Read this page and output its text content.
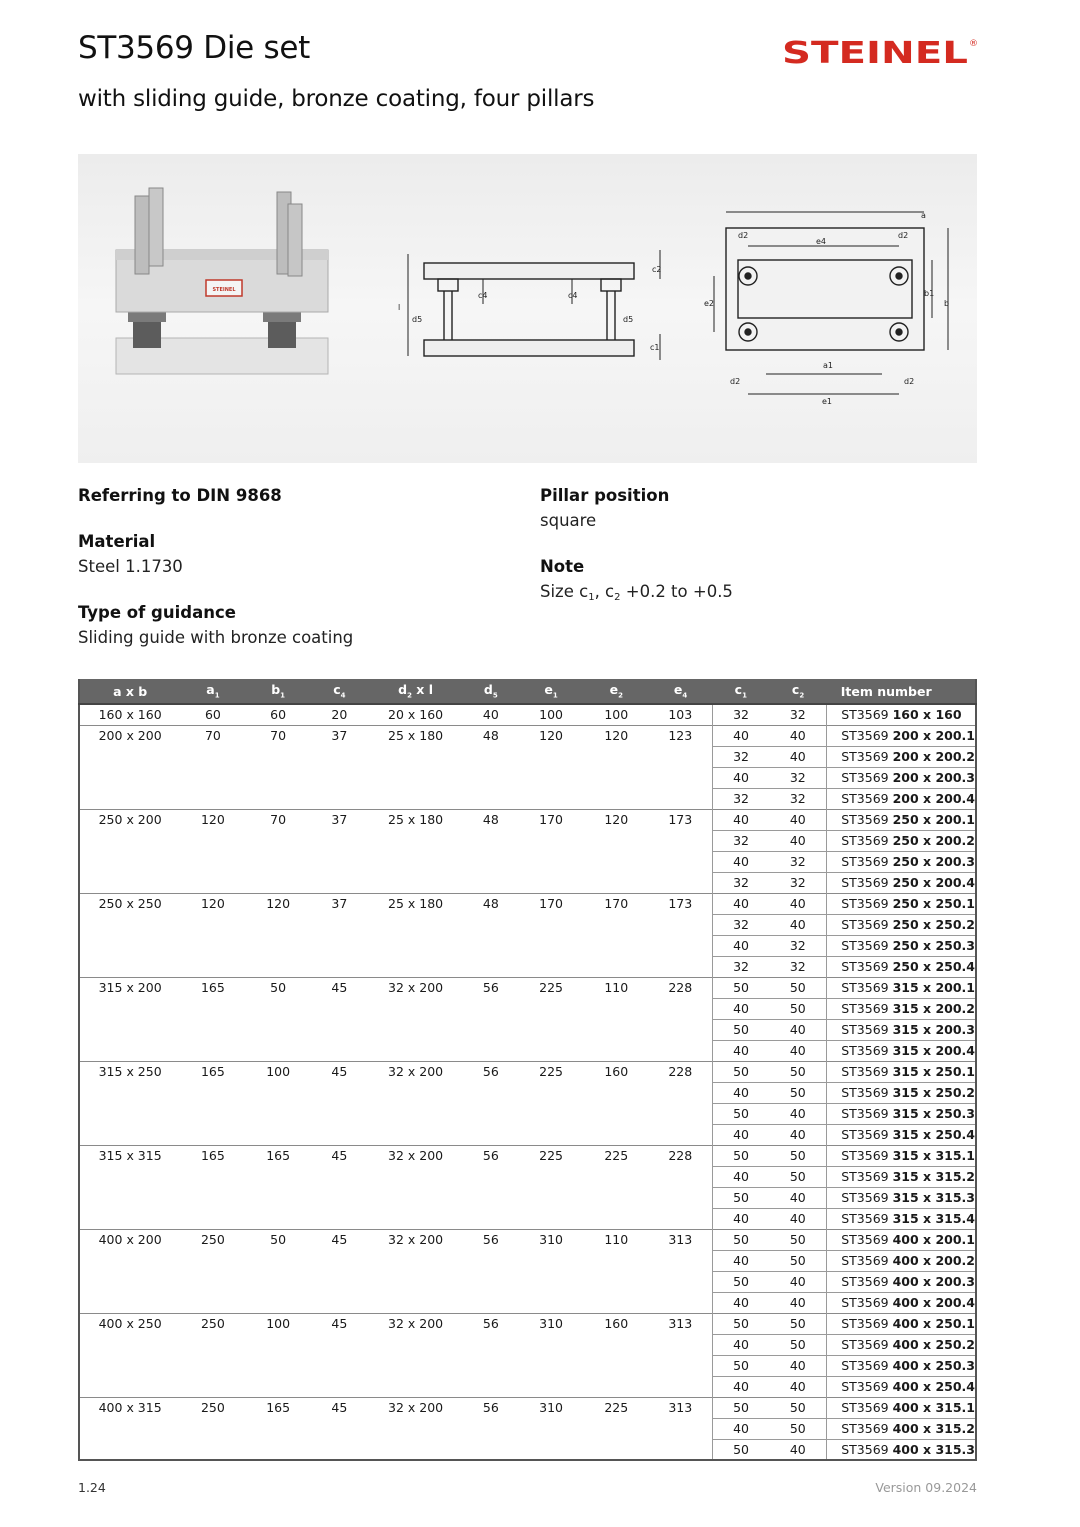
ST3569 Die set
with sliding guide, bronze coating, four pillars
STEINEL ®
STEINEL
a
d2	d2
e4
e2
b1
b
a1
d2	d2
e1
l
d5
c4	c4
c2
d5
c1
Referring to DIN 9868
Material
Steel 1.1730
Type of guidance
Sliding guide with bronze coating
Pillar position
square
Note
Size $c_1$, $c_2 +0.2$ to +0.5
a x b	$a_1$	$b_1$	$c_4$	$d_2$ x l	$d_5$	$e_1$	$e_2$	$e_4$	$c_1$	$c_2$	Item number
160 x 160	60	60	20	20 x 160	40	100	100	103	32	32	ST3569 160 x 160
200 x 200	70	70	37	25 x 180	48	120	120	123	40	40	ST3569 200 x 200.1
									32	40	ST3569 200 x 200.2
									40	32	ST3569 200 x 200.3
									32	32	ST3569 200 x 200.4
250 x 200	120	70	37	25 x 180	48	170	120	173	40	40	ST3569 250 x 200.1
									32	40	ST3569 250 x 200.2
									40	32	ST3569 250 x 200.3
									32	32	ST3569 250 x 200.4
250 x 250	120	120	37	25 x 180	48	170	170	173	40	40	ST3569 250 x 250.1
									32	40	ST3569 250 x 250.2
									40	32	ST3569 250 x 250.3
									32	32	ST3569 250 x 250.4
315 x 200	165	50	45	32 x 200	56	225	110	228	50	50	ST3569 315 x 200.1
									40	50	ST3569 315 x 200.2
									50	40	ST3569 315 x 200.3
									40	40	ST3569 315 x 200.4
315 x 250	165	100	45	32 x 200	56	225	160	228	50	50	ST3569 315 x 250.1
									40	50	ST3569 315 x 250.2
									50	40	ST3569 315 x 250.3
									40	40	ST3569 315 x 250.4
315 x 315	165	165	45	32 x 200	56	225	225	228	50	50	ST3569 315 x 315.1
									40	50	ST3569 315 x 315.2
									50	40	ST3569 315 x 315.3
									40	40	ST3569 315 x 315.4
400 x 200	250	50	45	32 x 200	56	310	110	313	50	50	ST3569 400 x 200.1
									40	50	ST3569 400 x 200.2
									50	40	ST3569 400 x 200.3
									40	40	ST3569 400 x 200.4
400 x 250	250	100	45	32 x 200	56	310	160	313	50	50	ST3569 400 x 250.1
									40	50	ST3569 400 x 250.2
									50	40	ST3569 400 x 250.3
									40	40	ST3569 400 x 250.4
400 x 315	250	165	45	32 x 200	56	310	225	313	50	50	ST3569 400 x 315.1
									40	50	ST3569 400 x 315.2
									50	40	ST3569 400 x 315.3
1.24	Version 09.2024
